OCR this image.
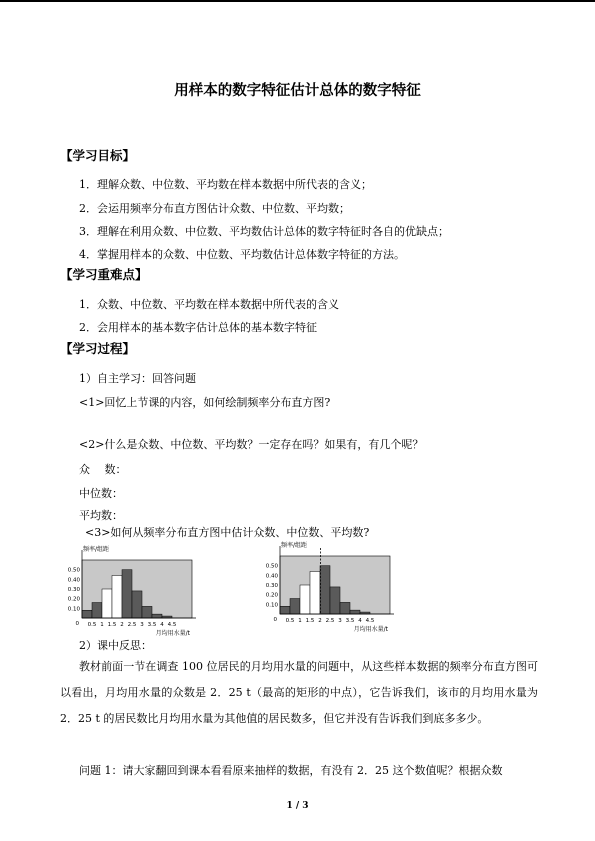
用样本的数字特征估计总体的数字特征
【学习目标】
1．理解众数、中位数、平均数在样本数据中所代表的含义；
2．会运用频率分布直方图估计众数、中位数、平均数；
3．理解在利用众数、中位数、平均数估计总体的数字特征时各自的优缺点；
4．掌握用样本的众数、中位数、平均数估计总体数字特征的方法。
【学习重难点】
1．众数、中位数、平均数在样本数据中所代表的含义
2．会用样本的基本数字估计总体的基本数字特征
【学习过程】
1）自主学习：回答问题
<1>回忆上节课的内容，如何绘制频率分布直方图?
<2>什么是众数、中位数、平均数？一定存在吗？如果有，有几个呢？
众　 数：
中位数：
平均数：
<3>如何从频率分布直方图中估计众数、中位数、平均数?
0.50
0.40
0.30
0.20
0.10
0 0.5 1 1.5 2 2.5 3 3.5 4 4.5
频率/组距
月均用水量/t
0.50
0.40
0.30
0.20
0.10
0 0.5 1 1.5 2 2.5 3 3.5 4 4.5
频率/组距
月均用水量/t
2）课中反思：
教材前面一节在调查 100 位居民的月均用水量的问题中，从这些样本数据的频率分布直方图可以看出，月均用水量的众数是 2．25 t（最高的矩形的中点），它告诉我们，该市的月均用水量为 2．25 t 的居民数比月均用水量为其他值的居民数多，但它并没有告诉我们到底多多少。
问题 1：请大家翻回到课本看看原来抽样的数据，有没有 2．25 这个数值呢？根据众数
1 / 3
